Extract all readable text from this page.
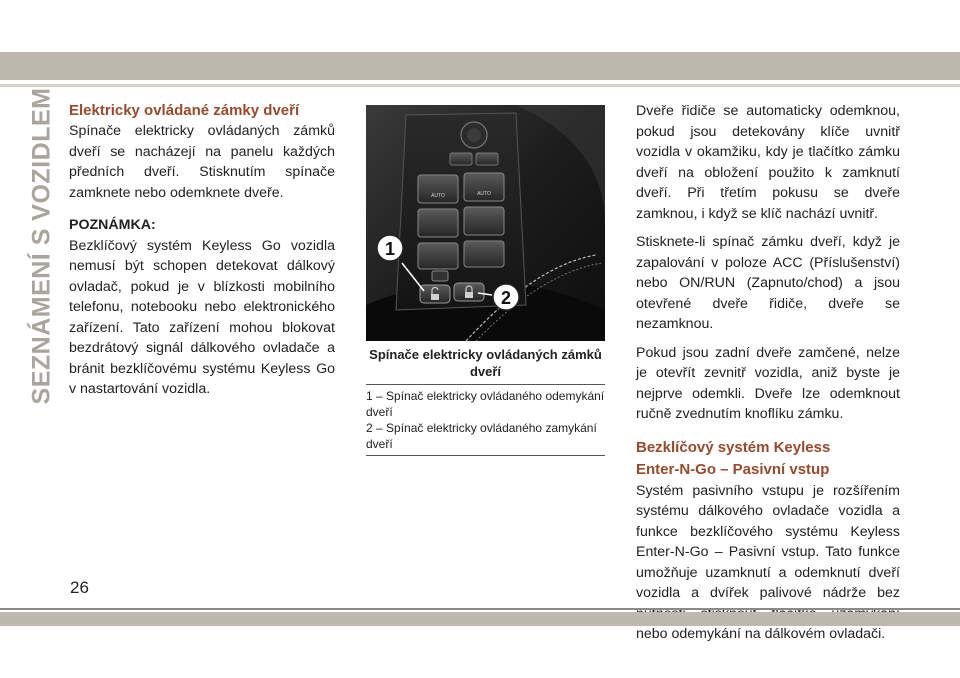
SEZNÁMENÍ S VOZIDLEM Elektricky ovládané zámky dveří

Spínače elektricky ovládaných zámků dveří se nacházejí na panelu každých předních dveří. Stisknutím spínače zamknete nebo odemknete dveře.

POZNÁMKA:

Bezklíčový systém Keyless Go vozidla nemusí být schopen detekovat dálkový ovladač, pokud je v blízkosti mobilního telefonu, notebooku nebo elektronického zařízení. Tato zařízení mohou blokovat bezdrátový signál dálkového ovladače a bránit bezklíčovému systému Keyless Go v nastartování vozidla.

AUTO	AUTO
1
2
Spínače elektricky ovládaných zámků dveří

1 – Spínač elektricky ovládaného odemykání dveří

2 – Spínač elektricky ovládaného zamykání dveří

Dveře řidiče se automaticky odemknou, pokud jsou detekovány klíče uvnitř vozidla v okamžiku, kdy je tlačítko zámku dveří na obložení použito k zamknutí dveří. Při třetím pokusu se dveře zamknou, i když se klíč nachází uvnitř.

Stisknete-li spínač zámku dveří, když je zapalování v poloze ACC (Příslušenství) nebo ON/RUN (Zapnuto/chod) a jsou otevřené dveře řidiče, dveře se nezamknou.

Pokud jsou zadní dveře zamčené, nelze je otevřít zevnitř vozidla, aniž byste je nejprve odemkli. Dveře lze odemknout ručně zvednutím knoflíku zámku.

Bezklíčový systém Keyless
Enter-N-Go – Pasivní vstup

Systém pasivního vstupu je rozšířením systému dálkového ovladače vozidla a funkce bezklíčového systému Keyless Enter-N-Go – Pasivní vstup. Tato funkce umožňuje uzamknutí a odemknutí dveří vozidla a dvířek palivové nádrže bez nebo odemykání na dálkovém ovladači.

26
